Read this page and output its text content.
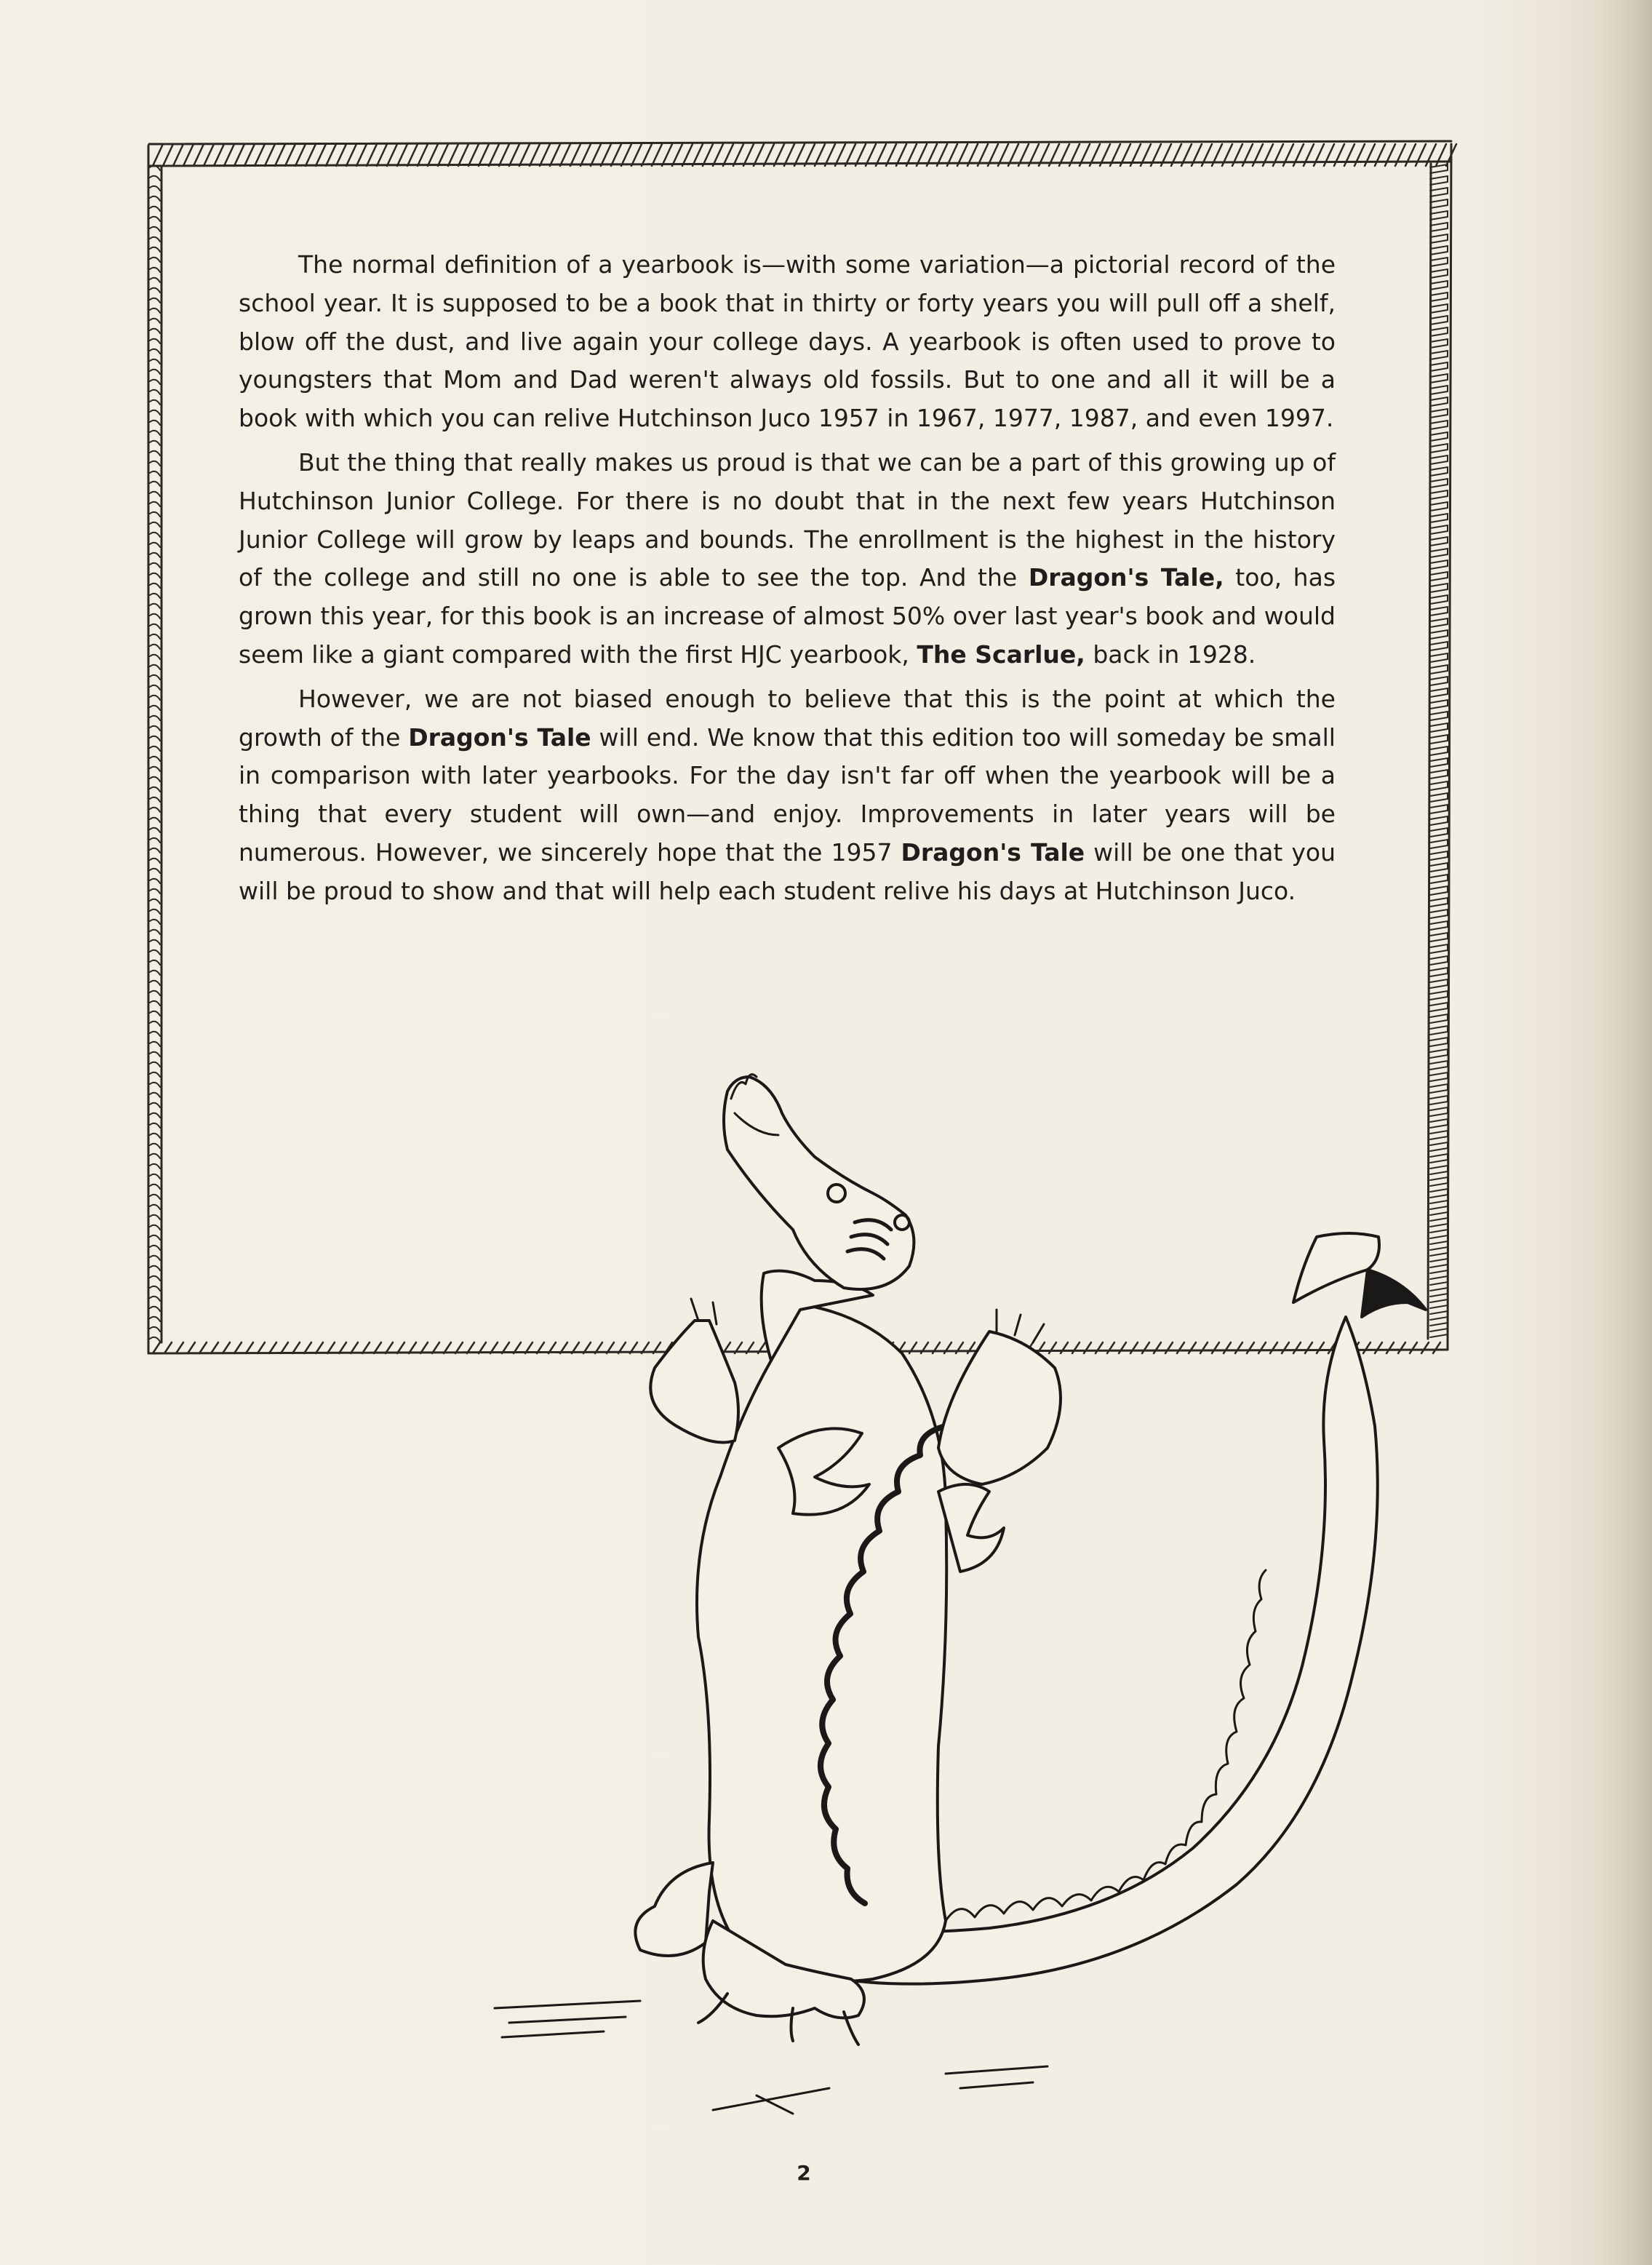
The normal definition of a yearbook is—with some variation—a pictorial record of the school year. It is supposed to be a book that in thirty or forty years you will pull off a shelf, blow off the dust, and live again your college days. A yearbook is often used to prove to youngsters that Mom and Dad weren't always old fossils. But to one and all it will be a book with which you can relive Hutchinson Juco 1957 in 1967, 1977, 1987, and even 1997.

But the thing that really makes us proud is that we can be a part of this growing up of Hutchinson Junior College. For there is no doubt that in the next few years Hutchinson Junior College will grow by leaps and bounds. The enrollment is the highest in the history of the college and still no one is able to see the top. And the Dragon's Tale, too, has grown this year, for this book is an increase of almost 50% over last year's book and would seem like a giant compared with the first HJC yearbook, The Scarlue, back in 1928.

However, we are not biased enough to believe that this is the point at which the growth of the Dragon's Tale will end. We know that this edition too will someday be small in comparison with later yearbooks. For the day isn't far off when the yearbook will be a thing that every student will own—and enjoy. Improvements in later years will be numerous. However, we sincerely hope that the 1957 Dragon's Tale will be one that you will be proud to show and that will help each student relive his days at Hutchinson Juco.

2
